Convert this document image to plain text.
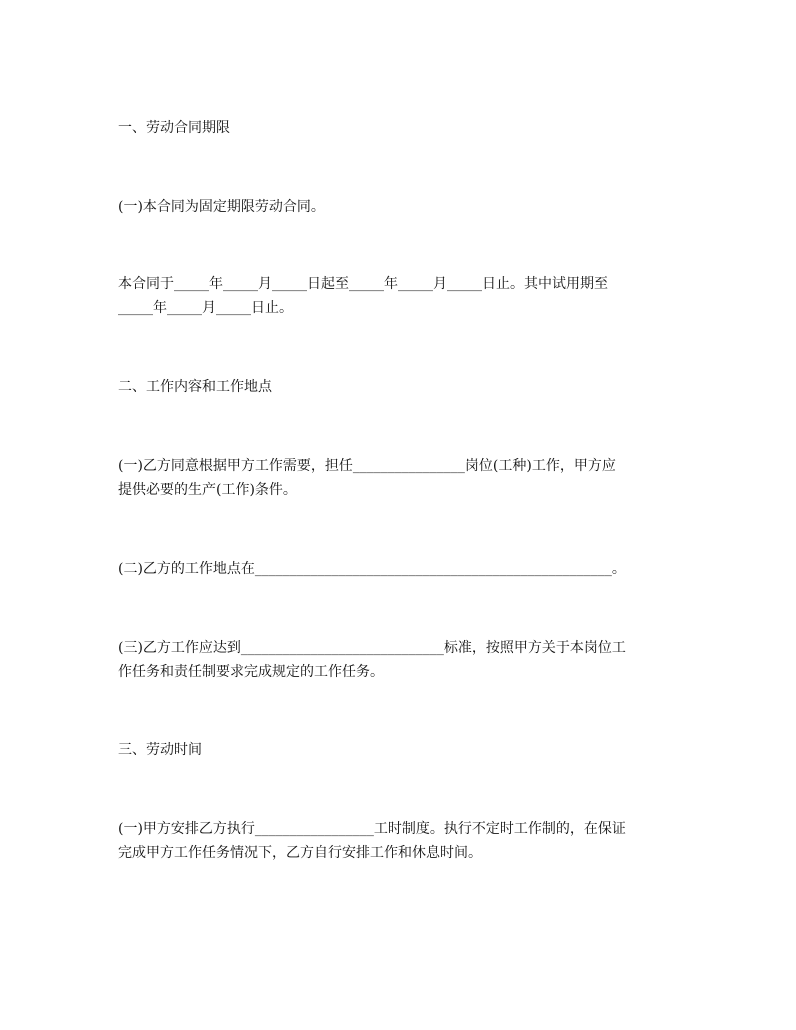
一、劳动合同期限
(一)本合同为固定期限劳动合同。
本合同于_____年_____月_____日起至_____年_____月_____日止。其中试用期至
_____年_____月_____日止。
二、工作内容和工作地点
(一)乙方同意根据甲方工作需要，担任________________岗位(工种)工作，甲方应
提供必要的生产(工作)条件。
(二)乙方的工作地点在___________________________________________________。
(三)乙方工作应达到_____________________________标准，按照甲方关于本岗位工
作任务和责任制要求完成规定的工作任务。
三、劳动时间
(一)甲方安排乙方执行_________________工时制度。执行不定时工作制的，在保证
完成甲方工作任务情况下，乙方自行安排工作和休息时间。
